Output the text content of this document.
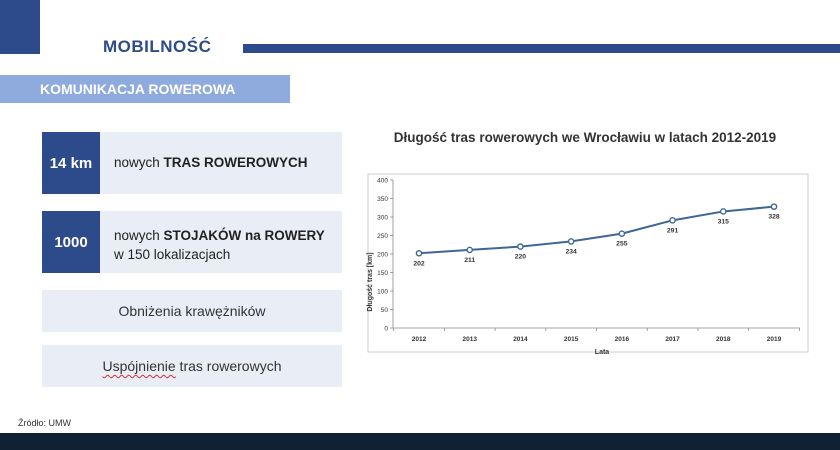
MOBILNOŚĆ
KOMUNIKACJA ROWEROWA
14 km	nowych TRAS ROWEROWYCH
1000	nowych STOJAKÓW na ROWERY
w 150 lokalizacjach
Obniżenia krawężników
Uspójnienie tras rowerowych
Źródło: UMW
Długość tras rowerowych we Wrocławiu w latach 2012-2019
Długość tras [km]
Lata
0
50
100
150
200
250
300
350
400
2012	2013	2014	2015	2016	2017	2018	2019
202	211	220
234
255
291
315
328
